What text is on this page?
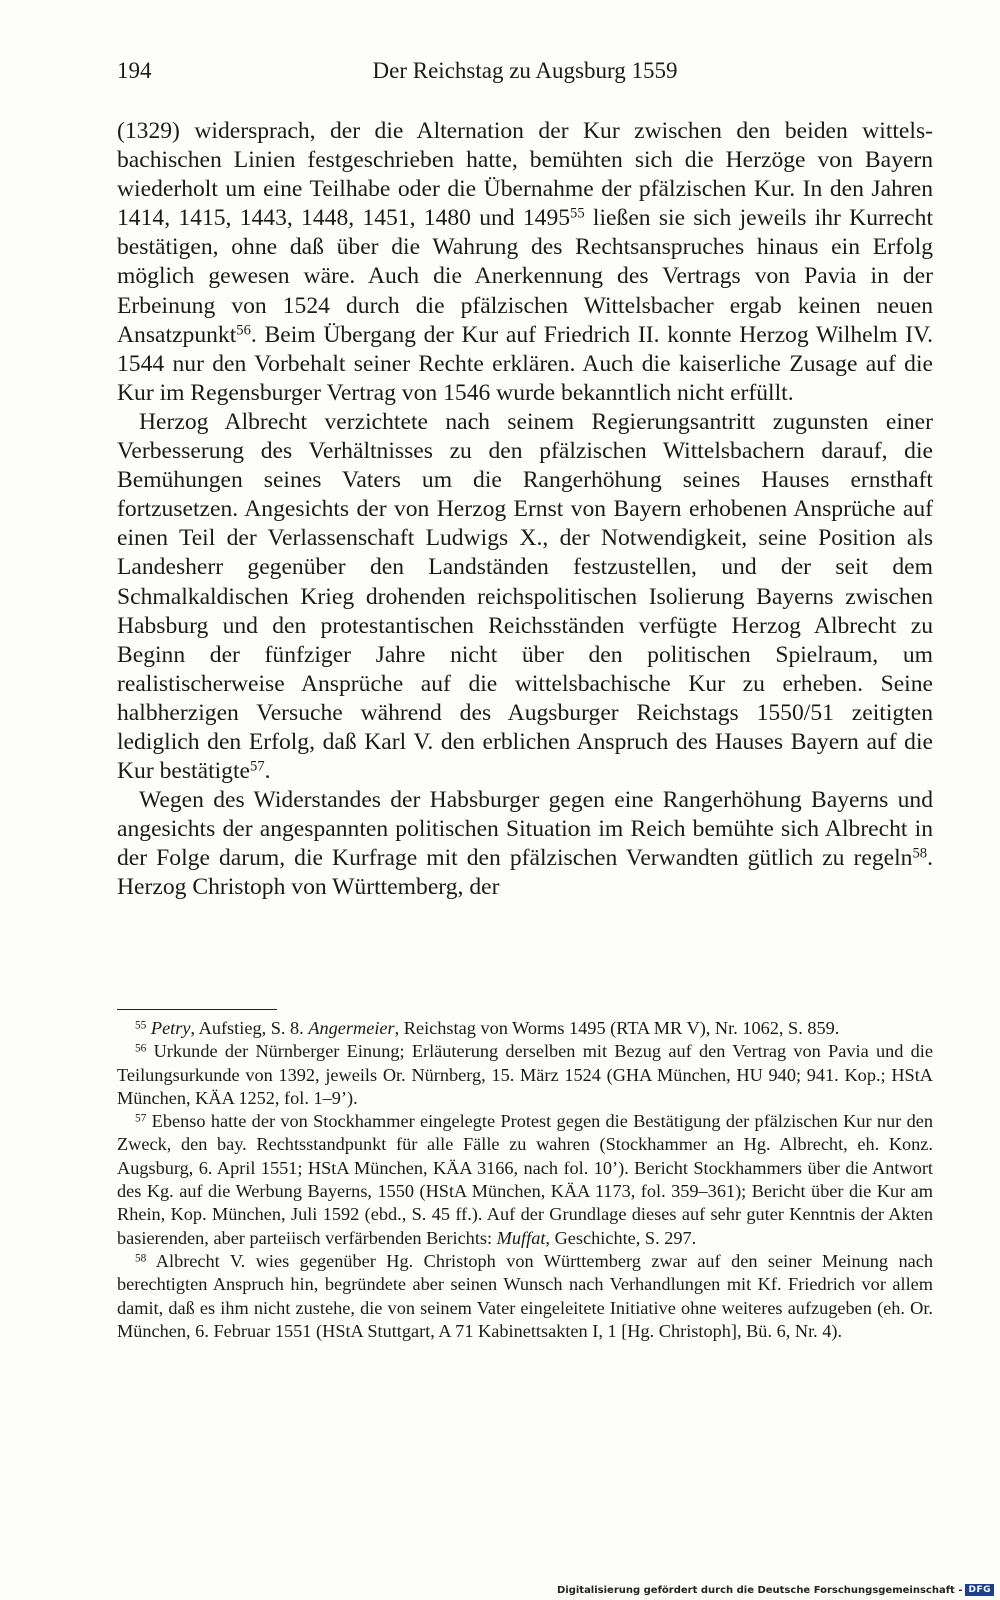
194	Der Reichstag zu Augsburg 1559

(1329) widersprach, der die Alternation der Kur zwischen den beiden wittelsbachischen Linien festgeschrieben hatte, bemühten sich die Herzöge von Bayern wiederholt um eine Teilhabe oder die Übernahme der pfälzischen Kur. In den Jahren 1414, 1415, 1443, 1448, 1451, 1480 und 1495$^{55}$ ließen sie sich jeweils ihr Kurrecht bestätigen, ohne daß über die Wahrung des Rechtsanspruches hinaus ein Erfolg möglich gewesen wäre. Auch die Anerkennung des Vertrags von Pavia in der Erbeinung von 1524 durch die pfälzischen Wittelsbacher ergab keinen neuen Ansatzpunkt$^{56}$. Beim Übergang der Kur auf Friedrich II. konnte Herzog Wilhelm IV. 1544 nur den Vorbehalt seiner Rechte erklären. Auch die kaiserliche Zusage auf die Kur im Regensburger Vertrag von 1546 wurde bekanntlich nicht erfüllt.

Herzog Albrecht verzichtete nach seinem Regierungsantritt zugunsten einer Verbesserung des Verhältnisses zu den pfälzischen Wittelsbachern darauf, die Bemühungen seines Vaters um die Rangerhöhung seines Hauses ernsthaft fortzusetzen. Angesichts der von Herzog Ernst von Bayern erhobenen Ansprüche auf einen Teil der Verlassenschaft Ludwigs X., der Notwendigkeit, seine Position als Landesherr gegenüber den Landständen festzustellen, und der seit dem Schmalkaldischen Krieg drohenden reichspolitischen Isolierung Bayerns zwischen Habsburg und den protestantischen Reichsständen verfügte Herzog Albrecht zu Beginn der fünfziger Jahre nicht über den politischen Spielraum, um realistischerweise Ansprüche auf die wittelsbachische Kur zu erheben. Seine halbherzigen Versuche während des Augsburger Reichstags 1550/51 zeitigten lediglich den Erfolg, daß Karl V. den erblichen Anspruch des Hauses Bayern auf die Kur bestätigte$^{57}$.

Wegen des Widerstandes der Habsburger gegen eine Rangerhöhung Bayerns und angesichts der angespannten politischen Situation im Reich bemühte sich Albrecht in der Folge darum, die Kurfrage mit den pfälzischen Verwandten gütlich zu regeln$^{58}$. Herzog Christoph von Württemberg, der

$^{55}$ Petry, Aufstieg, S. 8. Angermeier, Reichstag von Worms 1495 (RTA MR V), Nr. 1062, S. 859.

$^{56}$ Urkunde der Nürnberger Einung; Erläuterung derselben mit Bezug auf den Vertrag von Pavia und die Teilungsurkunde von 1392, jeweils Or. Nürnberg, 15. März 1524 (GHA München, HU 940; 941. Kop.; HStA München, KÄA 1252, fol. 1–9’).

$^{57}$ Ebenso hatte der von Stockhammer eingelegte Protest gegen die Bestätigung der pfälzischen Kur nur den Zweck, den bay. Rechtsstandpunkt für alle Fälle zu wahren (Stockhammer an Hg. Albrecht, eh. Konz. Augsburg, 6. April 1551; HStA München, KÄA 3166, nach fol. 10’). Bericht Stockhammers über die Antwort des Kg. auf die Werbung Bayerns, 1550 (HStA München, KÄA 1173, fol. 359–361); Bericht über die Kur am Rhein, Kop. München, Juli 1592 (ebd., S. 45 ff.). Auf der Grundlage dieses auf sehr guter Kenntnis der Akten basierenden, aber parteiisch verfärbenden Berichts: Muffat, Geschichte, S. 297.

$^{58}$ Albrecht V. wies gegenüber Hg. Christoph von Württemberg zwar auf den seiner Meinung nach berechtigten Anspruch hin, begründete aber seinen Wunsch nach Verhandlungen mit Kf. Friedrich vor allem damit, daß es ihm nicht zustehe, die von seinem Vater eingeleitete Initiative ohne weiteres aufzugeben (eh. Or. München, 6. Februar 1551 (HStA Stuttgart, A 71 Kabinettsakten I, 1 [Hg. Christoph], Bü. 6, Nr. 4).

Digitalisierung gefördert durch die Deutsche Forschungsgemeinschaft - DFG
